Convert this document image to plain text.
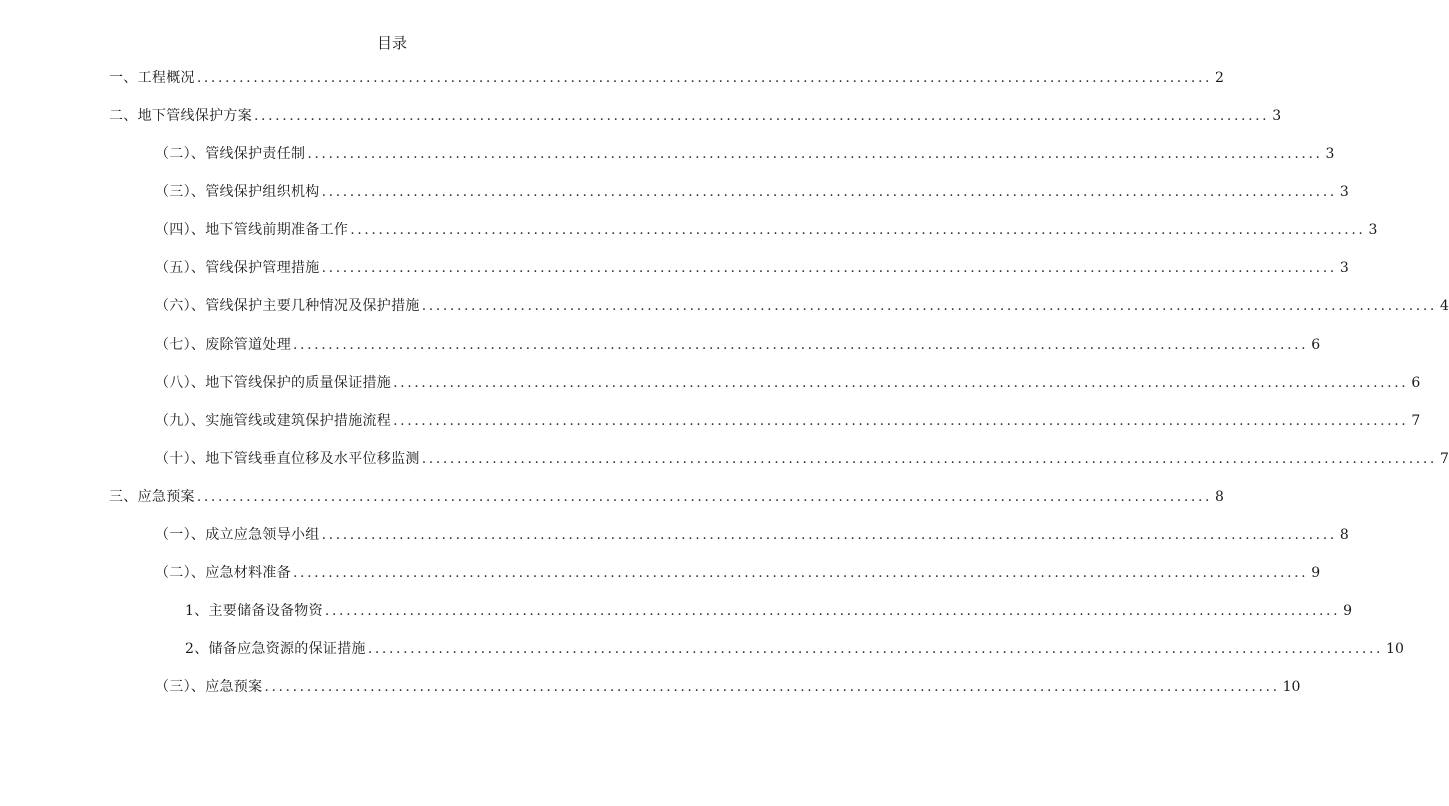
目录
一、工程概况 ................................................................................................................................................ 2
二、地下管线保护方案 ................................................................................................................................................ 3
（二）、管线保护责任制 ................................................................................................................................................ 3
（三）、管线保护组织机构 ................................................................................................................................................ 3
（四）、地下管线前期准备工作 ................................................................................................................................................ 3
（五）、管线保护管理措施 ................................................................................................................................................ 3
（六）、管线保护主要几种情况及保护措施 ................................................................................................................................................ 4
（七）、废除管道处理 ................................................................................................................................................ 6
（八）、地下管线保护的质量保证措施 ................................................................................................................................................ 6
（九）、实施管线或建筑保护措施流程 ................................................................................................................................................ 7
（十）、地下管线垂直位移及水平位移监测 ................................................................................................................................................ 7
三、应急预案 ................................................................................................................................................ 8
（一）、成立应急领导小组 ................................................................................................................................................ 8
（二）、应急材料准备 ................................................................................................................................................ 9
1、主要储备设备物资 ................................................................................................................................................ 9
2、储备应急资源的保证措施 ................................................................................................................................................ 10
（三）、应急预案 ................................................................................................................................................ 10
